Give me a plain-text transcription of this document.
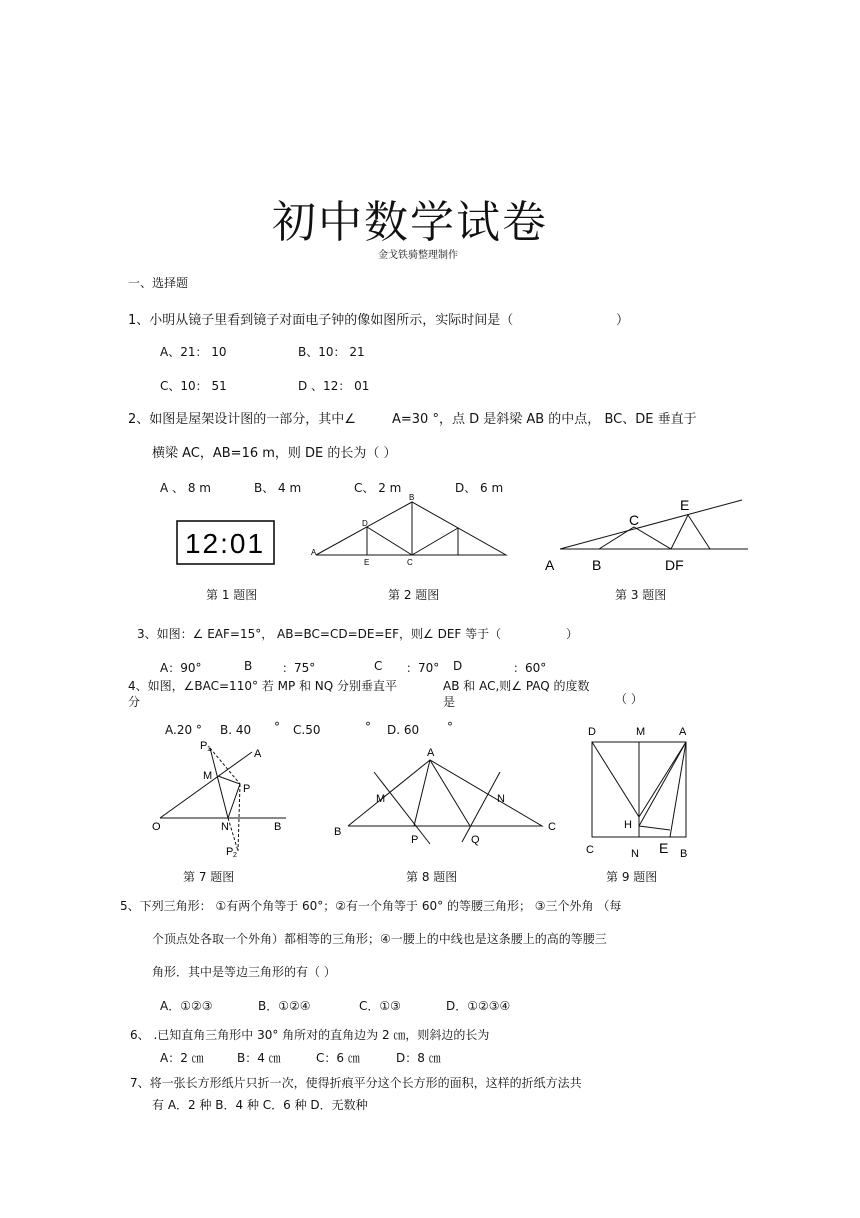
初中数学试卷
金戈铁骑整理制作
一、选择题
1、小明从镜子里看到镜子对面电子钟的像如图所示，实际时间是（	）
A、21： 10	B、10： 21
C、10： 51	D 、12： 01
2、如图是屋架设计图的一部分，其中∠	A=30 °，点 D 是斜梁 AB 的中点， BC、DE 垂直于
横梁 AC，AB=16 m，则 DE 的长为（ ）
A 、 8 m	B、 4 m	C、 2 m	D、 6 m
12:01	A
B
C
D
E	A	B
C
DF
E
第 1 题图	第 2 题图	第 3 题图
3、如图：∠ EAF=15°， AB=BC=CD=DE=EF，则∠ DEF 等于（	）
A：90°	B ：75°	C ：70° D	：60°
4、如图，∠BAC=110° 若 MP 和 NQ 分别垂直平
分
AB 和 AC,则∠ PAQ 的度数
是	（ ）
A.20 ° B. 40 ° C.50	° D. 60 °
P 1	A
M
P
O	N	B
P 2
A
M	N
B
P	Q
C
D	M	A
H
C	N E B
第 7 题图	第 8 题图	第 9 题图
5、下列三角形： ①有两个角等于 60°；②有一个角等于 60° 的等腰三角形； ③三个外角 （每
个顶点处各取一个外角）都相等的三角形；④一腰上的中线也是这条腰上的高的等腰三
角形．其中是等边三角形的有（ ）
A．①②③	B．①②④	C．①③	D．①②③④
6、 .已知直角三角形中 30° 角所对的直角边为 2 ㎝，则斜边的长为
A：2 ㎝	B：4 ㎝	C：6 ㎝	D：8 ㎝
7、将一张长方形纸片只折一次，使得折痕平分这个长方形的面积，这样的折纸方法共
有 A．2 种 B．4 种 C．6 种 D．无数种
